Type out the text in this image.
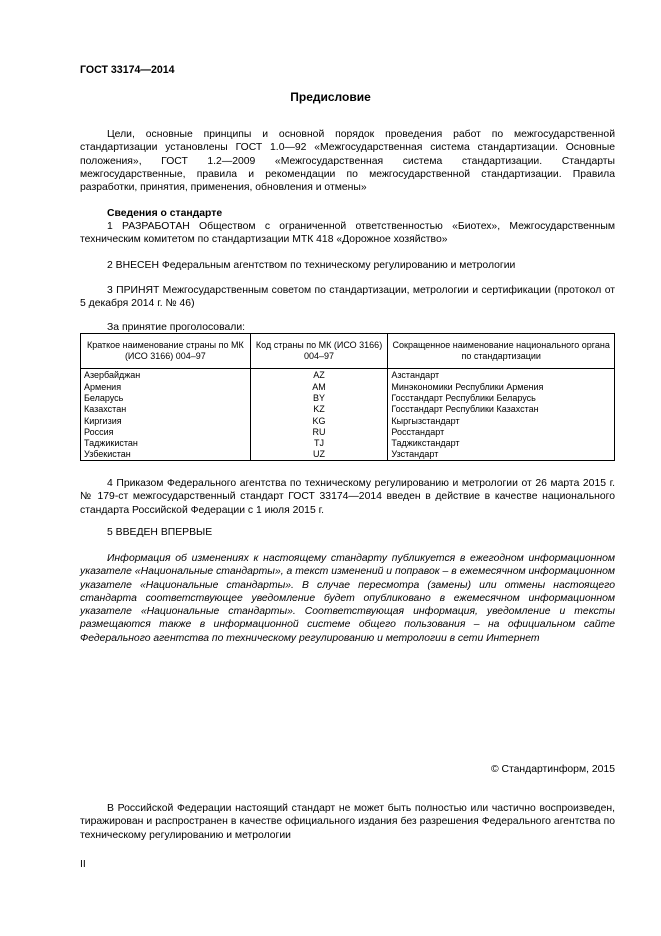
ГОСТ 33174—2014
Предисловие

Цели, основные принципы и основной порядок проведения работ по межгосударственной стандартизации установлены ГОСТ 1.0—92 «Межгосударственная система стандартизации. Основные положения», ГОСТ 1.2—2009 «Межгосударственная система стандартизации. Стандарты межгосударственные, правила и рекомендации по межгосударственной стандартизации. Правила разработки, принятия, применения, обновления и отмены»

Сведения о стандарте

1 РАЗРАБОТАН Обществом с ограниченной ответственностью «Биотех», Межгосударственным техническим комитетом по стандартизации МТК 418 «Дорожное хозяйство»

2 ВНЕСЕН Федеральным агентством по техническому регулированию и метрологии

3 ПРИНЯТ Межгосударственным советом по стандартизации, метрологии и сертификации (протокол от 5 декабря 2014 г. № 46)

За принятие проголосовали:

Краткое наименование страны по МК (ИСО 3166) 004–97	Код страны по МК (ИСО 3166) 004–97	Сокращенное наименование национального органа по стандартизации
Азербайджан	AZ	Азстандарт
Армения	AM	Минэкономики Республики Армения
Беларусь	BY	Госстандарт Республики Беларусь
Казахстан	KZ	Госстандарт Республики Казахстан
Киргизия	KG	Кыргызстандарт
Россия	RU	Росстандарт
Таджикистан	TJ	Таджикстандарт
Узбекистан	UZ	Узстандарт

4 Приказом Федерального агентства по техническому регулированию и метрологии от 26 марта 2015 г. № 179-ст межгосударственный стандарт ГОСТ 33174—2014 введен в действие в качестве национального стандарта Российской Федерации с 1 июля 2015 г.

5 ВВЕДЕН ВПЕРВЫЕ

Информация об изменениях к настоящему стандарту публикуется в ежегодном информационном указателе «Национальные стандарты», а текст изменений и поправок – в ежемесячном информационном указателе «Национальные стандарты». В случае пересмотра (замены) или отмены настоящего стандарта соответствующее уведомление будет опубликовано в ежемесячном информационном указателе «Национальные стандарты». Соответствующая информация, уведомление и тексты размещаются также в информационной системе общего пользования – на официальном сайте Федерального агентства по техническому регулированию и метрологии в сети Интернет

© Стандартинформ, 2015

В Российской Федерации настоящий стандарт не может быть полностью или частично воспроизведен, тиражирован и распространен в качестве официального издания без разрешения Федерального агентства по техническому регулированию и метрологии

II
